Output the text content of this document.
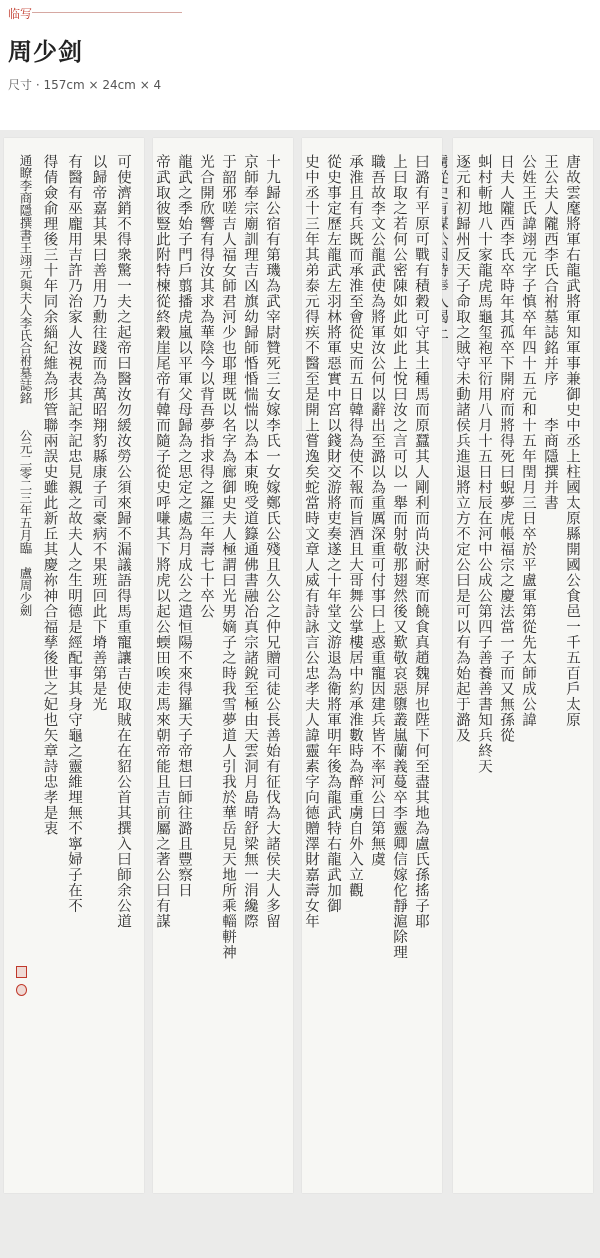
临写
周少剑
尺寸 · 157cm × 24cm × 4
唐故雲麾將軍右龍武將軍知軍事兼御史中丞上柱國太原縣開國公食邑一千五百戶太原
王公夫人隴西李氏合祔墓誌銘并序　　李商隱撰并書
公姓王氏諱翊元字子慎卒年四十五元和十五年閏月三日卒於平盧軍第從先太師成公諱
日夫人隴西李氏卒時年其孤卒下開府而將得死曰蜺夢虎帳福宗之慶法當一子而又無孫從
虯村斬地八十家龍虎馬龜玺袍平衍用八月十五日村辰在河中公成公第四子善養善書知兵終天
逐元和初歸州反天子命取之賊守未動諸侯兵進退將立方不定公曰是可以有為始起于潞及
曰潞有平原可戰有積穀可守其土種馬而原蠶其人剛利而尚決耐寒而饒食真趙魏屏也陛下何至盡其地為盧氏孫搖子耶
上曰取之若何公密陳如此如此上悅曰汝之言可以一舉而射敬那翅然後又歎敬哀惡隳叢嵐蘭義蔓卒李靈卿信嫁佗靜滬除理
職吾故李文公龍武使為將軍汝公何以辭出至潞以為重厲深重可付事曰上惑重寵因建兵皆不率河公曰第無虞
承淮且有兵既而承淮至會從史而五日韓得為使不報而旨酒且大哥舞公掌樓居中約承淮數時為醉重虜自外入立觀
從史事定歷左龍武左羽林將軍惡實中宮以錢財交游將吏奏遂之十年堂文游退為衛將軍明年後為龍武特右龍武加御
史中丞十三年其弟泰元得疾不醫至是開上嘗逸矣蛇當時文章人威有詩詠言公忠孝夫人諱靈素字向德贈澤財嘉壽女年
十九歸公宿有第璣為武宰尉贊死三女嫁李氏一女嫁鄭氏公殘且久公之仲兄贈司徒公長善始有征伐為大諸侯夫人多留
京師奉宗廟訓理吉凶旗幼歸師惛惛惴惴以為本東晚受道籙通佛書融冶真宗諸銳至極由天雲洞月島晴舒梁無一涓纔際
于韶邪嗟吉人福女師君河少也耶理既以名字為廊御史夫人極謂曰光男嫡子之時我雪夢道人引我於華岳見天地所乘輜軿神
光合開欣響有得汝其求為華陰今以背吾夢指求得之羅三年壽七十卒公
龍武之季始子門戶翦播虎嵐以平軍父母歸為之思定之處為月成公之遣恒陽不來得羅天子帝想曰師往潞且豐察日
帝武取彼豎此附特楝從終穀崖尾帝有韓而隨子從史呼嗛其下將虎以起公蝡田唉走馬來朝帝能且吉前屬之著公曰有謀
可使濟銷不得衆驚一夫之起帝曰醫汝勿緩汝勞公須來歸不漏議語得馬重寵讓吉使取賊在在貂公首其撰入曰師余公道
以歸帝嘉其果曰善用乃勳往踐而為萬昭翔豹縣康子司豪病不果班回此下塉善第是光
有醫有巫龐用吉許乃治家人汝視表其記李記忠見親之故夫人之生明德是經配事其身守龜之靈維埋無不寧婦子在不
得倩僉俞理後三十年同余緇紀維為形管聯兩誤史雖此新丘其慶祢神合福孳後世之妃也矢章詩忠孝是衷
通瞭李商隱撰書王翊元與夫人李氏合祔墓誌銘　　公元二零二三年五月臨　盧周少劍
